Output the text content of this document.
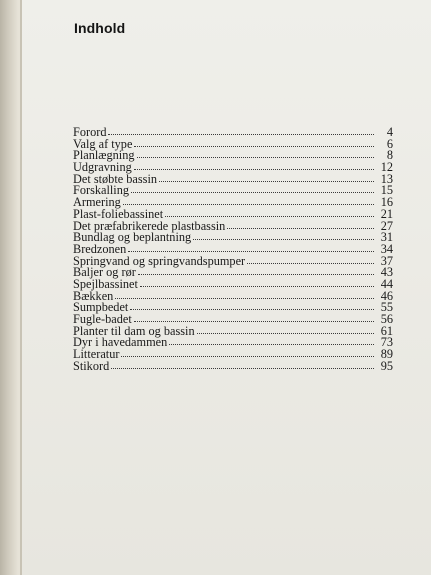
Indhold
Forord	4
Valg af type	6
Planlægning	8
Udgravning	12
Det støbte bassin	13
Forskalling	15
Armering	16
Plast-foliebassinet	21
Det præfabrikerede plastbassin	27
Bundlag og beplantning	31
Bredzonen	34
Springvand og springvandspumper	37
Baljer og rør	43
Spejlbassinet	44
Bækken	46
Sumpbedet	55
Fugle-badet	56
Planter til dam og bassin	61
Dyr i havedammen	73
Litteratur	89
Stikord	95
